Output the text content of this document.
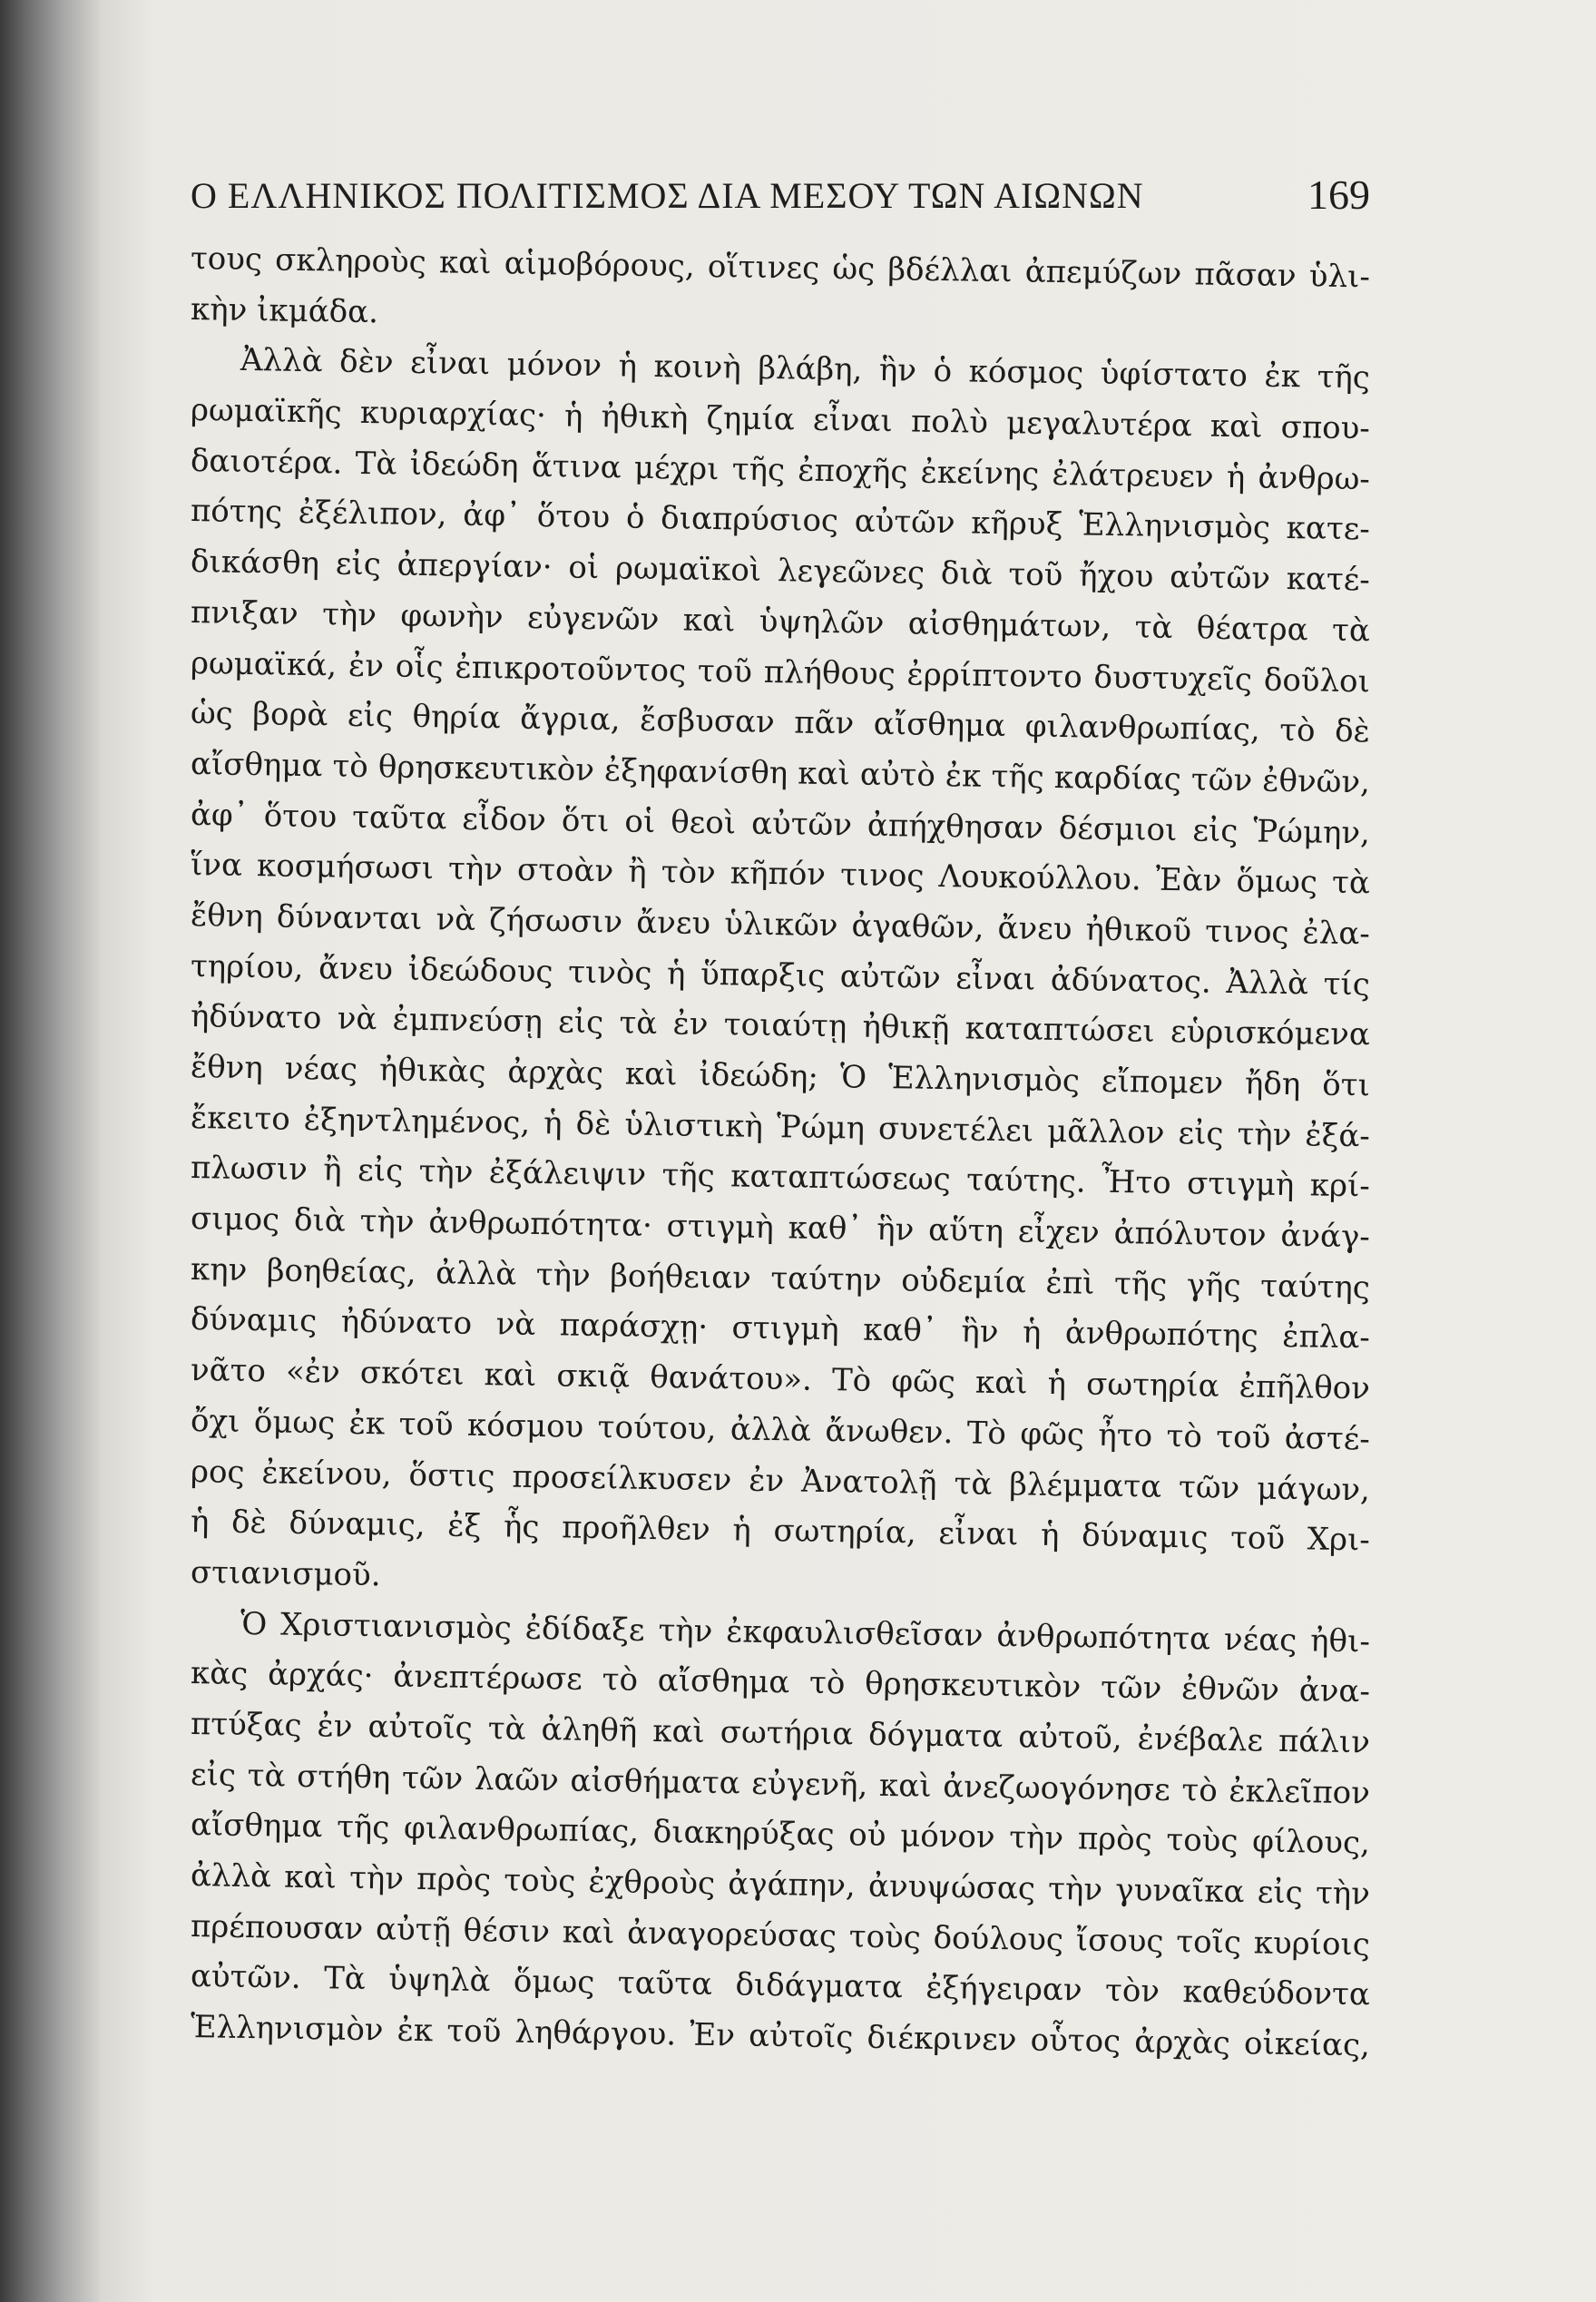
Ο ΕΛΛΗΝΙΚΟΣ ΠΟΛΙΤΙΣΜΟΣ ΔΙΑ ΜΕΣΟΥ ΤΩΝ ΑΙΩΝΩΝ	169
τους σκληροὺς καὶ αἱμοβόρους, οἵτινες ὡς βδέλλαι ἀπεμύζων πᾶσαν ὑλι-
κὴν ἰκμάδα.
Ἀλλὰ δὲν εἶναι μόνον ἡ κοινὴ βλάβη, ἣν ὁ κόσμος ὑφίστατο ἐκ τῆς
ρωμαϊκῆς κυριαρχίας· ἡ ἠθικὴ ζημία εἶναι πολὺ μεγαλυτέρα καὶ σπου-
δαιοτέρα. Τὰ ἰδεώδη ἅτινα μέχρι τῆς ἐποχῆς ἐκείνης ἐλάτρευεν ἡ ἀνθρω-
πότης ἐξέλιπον, ἀφ᾽ ὅτου ὁ διαπρύσιος αὐτῶν κῆρυξ Ἑλληνισμὸς κατε-
δικάσθη εἰς ἀπεργίαν· οἱ ρωμαϊκοὶ λεγεῶνες διὰ τοῦ ἤχου αὐτῶν κατέ-
πνιξαν τὴν φωνὴν εὐγενῶν καὶ ὑψηλῶν αἰσθημάτων, τὰ θέατρα τὰ
ρωμαϊκά, ἐν οἷς ἐπικροτοῦντος τοῦ πλήθους ἐρρίπτοντο δυστυχεῖς δοῦλοι
ὡς βορὰ εἰς θηρία ἄγρια, ἔσβυσαν πᾶν αἴσθημα φιλανθρωπίας, τὸ δὲ
αἴσθημα τὸ θρησκευτικὸν ἐξηφανίσθη καὶ αὐτὸ ἐκ τῆς καρδίας τῶν ἐθνῶν,
ἀφ᾽ ὅτου ταῦτα εἶδον ὅτι οἱ θεοὶ αὐτῶν ἀπήχθησαν δέσμιοι εἰς Ῥώμην,
ἵνα κοσμήσωσι τὴν στοὰν ἢ τὸν κῆπόν τινος Λουκούλλου. Ἐὰν ὅμως τὰ
ἔθνη δύνανται νὰ ζήσωσιν ἄνευ ὑλικῶν ἀγαθῶν, ἄνευ ἠθικοῦ τινος ἐλα-
τηρίου, ἄνευ ἰδεώδους τινὸς ἡ ὕπαρξις αὐτῶν εἶναι ἀδύνατος. Ἀλλὰ τίς
ἠδύνατο νὰ ἐμπνεύσῃ εἰς τὰ ἐν τοιαύτῃ ἠθικῇ καταπτώσει εὑρισκόμενα
ἔθνη νέας ἠθικὰς ἀρχὰς καὶ ἰδεώδη; Ὁ Ἑλληνισμὸς εἴπομεν ἤδη ὅτι
ἔκειτο ἐξηντλημένος, ἡ δὲ ὑλιστικὴ Ῥώμη συνετέλει μᾶλλον εἰς τὴν ἐξά-
πλωσιν ἢ εἰς τὴν ἐξάλειψιν τῆς καταπτώσεως ταύτης. Ἦτο στιγμὴ κρί-
σιμος διὰ τὴν ἀνθρωπότητα· στιγμὴ καθ᾽ ἣν αὕτη εἶχεν ἀπόλυτον ἀνάγ-
κην βοηθείας, ἀλλὰ τὴν βοήθειαν ταύτην οὐδεμία ἐπὶ τῆς γῆς ταύτης
δύναμις ἠδύνατο νὰ παράσχῃ· στιγμὴ καθ᾽ ἣν ἡ ἀνθρωπότης ἐπλα-
νᾶτο «ἐν σκότει καὶ σκιᾷ θανάτου». Τὸ φῶς καὶ ἡ σωτηρία ἐπῆλθον
ὄχι ὅμως ἐκ τοῦ κόσμου τούτου, ἀλλὰ ἄνωθεν. Τὸ φῶς ἦτο τὸ τοῦ ἀστέ-
ρος ἐκείνου, ὅστις προσείλκυσεν ἐν Ἀνατολῇ τὰ βλέμματα τῶν μάγων,
ἡ δὲ δύναμις, ἐξ ἧς προῆλθεν ἡ σωτηρία, εἶναι ἡ δύναμις τοῦ Χρι-
στιανισμοῦ.
Ὁ Χριστιανισμὸς ἐδίδαξε τὴν ἐκφαυλισθεῖσαν ἀνθρωπότητα νέας ἠθι-
κὰς ἀρχάς· ἀνεπτέρωσε τὸ αἴσθημα τὸ θρησκευτικὸν τῶν ἐθνῶν ἀνα-
πτύξας ἐν αὐτοῖς τὰ ἀληθῆ καὶ σωτήρια δόγματα αὐτοῦ, ἐνέβαλε πάλιν
εἰς τὰ στήθη τῶν λαῶν αἰσθήματα εὐγενῆ, καὶ ἀνεζωογόνησε τὸ ἐκλεῖπον
αἴσθημα τῆς φιλανθρωπίας, διακηρύξας οὐ μόνον τὴν πρὸς τοὺς φίλους,
ἀλλὰ καὶ τὴν πρὸς τοὺς ἐχθροὺς ἀγάπην, ἀνυψώσας τὴν γυναῖκα εἰς τὴν
πρέπουσαν αὐτῇ θέσιν καὶ ἀναγορεύσας τοὺς δούλους ἴσους τοῖς κυρίοις
αὐτῶν. Τὰ ὑψηλὰ ὅμως ταῦτα διδάγματα ἐξήγειραν τὸν καθεύδοντα
Ἑλληνισμὸν ἐκ τοῦ ληθάργου. Ἐν αὐτοῖς διέκρινεν οὗτος ἀρχὰς οἰκείας,
